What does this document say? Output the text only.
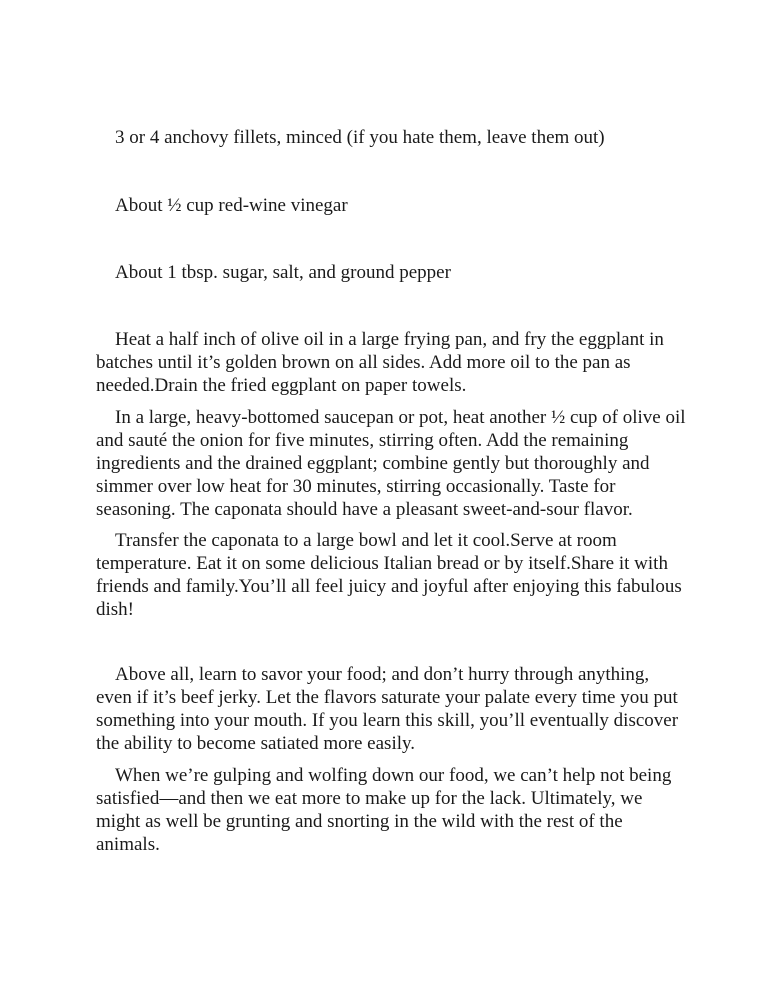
3 or 4 anchovy fillets, minced (if you hate them, leave them out)

About ½ cup red-wine vinegar

About 1 tbsp. sugar, salt, and ground pepper

Heat a half inch of olive oil in a large frying pan, and fry the eggplant in batches until it’s golden brown on all sides. Add more oil to the pan as needed.Drain the fried eggplant on paper towels.

In a large, heavy-bottomed saucepan or pot, heat another ½ cup of olive oil and sauté the onion for five minutes, stirring often. Add the remaining ingredients and the drained eggplant; combine gently but thoroughly and simmer over low heat for 30 minutes, stirring occasionally. Taste for seasoning. The caponata should have a pleasant sweet-and-sour flavor.

Transfer the caponata to a large bowl and let it cool.Serve at room temperature. Eat it on some delicious Italian bread or by itself.Share it with friends and family.You’ll all feel juicy and joyful after enjoying this fabulous dish!

Above all, learn to savor your food; and don’t hurry through anything, even if it’s beef jerky. Let the flavors saturate your palate every time you put something into your mouth. If you learn this skill, you’ll eventually discover the ability to become satiated more easily.

When we’re gulping and wolfing down our food, we can’t help not being satisfied—and then we eat more to make up for the lack. Ultimately, we might as well be grunting and snorting in the wild with the rest of the animals.
